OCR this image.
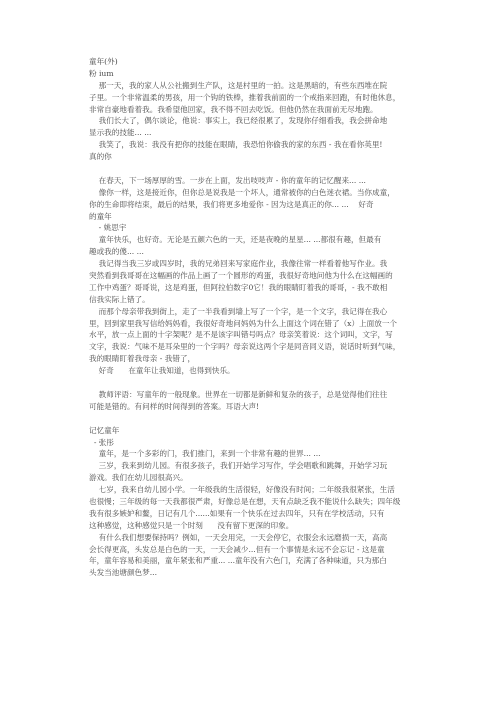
童年(外)
粉 ium
那一天，我的家人从公社搬到生产队，这是村里的一拍。这是黑暗的，有些东西堆在院
子里。一个非常温柔的男孩，用一个钩的铁棒，推着我前面的一个戒指来回跑，有时他休息，
非常自豪地看着我。我希望他回家，我不得不回去吃饭。但他仍然在我面前无尽地跑。
我们长大了，偶尔谈论，他说：事实上，我已经很累了，发现你仔细看我，我会拼命地
显示我的技能... ...
我笑了，我说：我没有把你的技能在眼睛，我恐怕你偷我的家的东西 - 我在看你英里!
真的你
在春天，下一场厚厚的雪。一步在上面，发出吱吱声 - 你的童年的记忆醒来... ...
像你一样，这是接近你，但你总是说我是一个坏人，通常被你的白色迷衣裙。当你成童，
你的生命即将结束，最后的结果，我们将更多地爱你 - 因为这是真正的你... ...    好奇
的童年
- 姚思宇
童年快乐，也好奇。无论是五颜六色的一天，还是夜晚的星星... ...都很有趣，但最有
趣或我的傻... ...
我记得当我三岁或四岁时，我的兄弟回来写家庭作业，我像往常一样看着他写作业。我
突然看到我哥哥在这幅画的作品上画了一个圆形的鸡蛋，我很好奇地问他为什么在这幅画的
工作中鸡蛋？哥哥说，这是鸡蛋，但阿拉伯数字0它！我的眼睛盯着我的哥哥，- 我不敢相
信我实际上错了。
而那个母亲带我到街上，走了一半我看到墙上写了一个字，是一个文字，我记得在我心
里，回到家里我写信给妈妈看，我很好奇地问妈妈为什么上面这个词在错了（x）上面放一个
水平，放一点上面的十字架呢？是不是该字叫错号吗点？母亲笑着说：这个词叫，文字，写
文字，我说：气味不是耳朵里的一个字吗？母亲说这两个字是同音同义语，说话时听到气味，
我的眼睛盯着我母亲 - 我错了，
好奇      在童年让我知道，也得到快乐。
教师评语：写童年的一般现象。世界在一切都是新鲜和复杂的孩子，总是觉得他们往往
可能是错的。有问样的时间得到的答案。耳语大声!
记忆童年
- 张彤
童年，是一个多彩的门，我们推门，来到一个非常有趣的世界... ...
三岁，我来到幼儿园。有很多孩子，我们开始学习写作，学会唱歌和跳舞，开始学习玩
游戏。我们在幼儿园很高兴。
七岁，我来自幼儿园小学。一年级我的生活很轻，好像没有时间；二年级我很紧张，生活
也很慢；三年级的每一天我都很严肃，好像总是在想，天有点缺乏我不能说什么缺失；四年级
我有很多嫉妒和鳌，日记有几个......如果有一个快乐在过去四年，只有在学校活动，只有
这种感觉，这种感觉只是一个时刻      没有留下更深的印象。
有什么我们想要保持吗？例如，一天会用完，一天会停它，衣服会永远磨损一天，高高
会长得更高，头发总是白色的一天，一天会减少...但有一个事情是永远不会忘记 - 这是童
年，童年容易和美丽，童年紧张和严重... ...童年没有六色门，充满了各种味道，只为那白
头发当池塘颜色梦...
